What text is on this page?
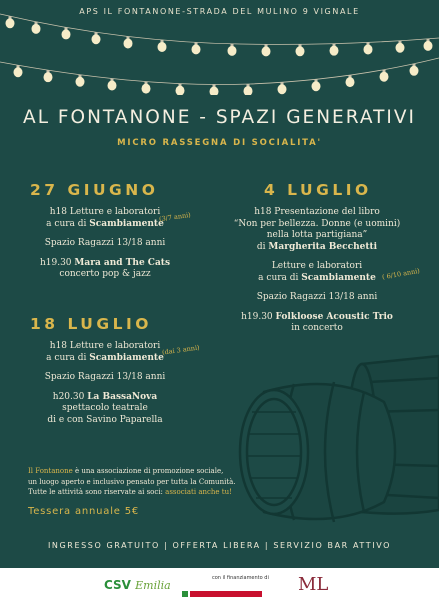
APS IL FONTANONE-STRADA DEL MULINO 9 VIGNALE
AL FONTANONE - SPAZI GENERATIVI
MICRO RASSEGNA DI SOCIALITA'
27 GIUGNO
h18 Letture e laboratori
a cura di Scambiamente
(3/7 anni)
Spazio Ragazzi 13/18 anni
h19.30 Mara and The Cats
concerto pop & jazz
4 LUGLIO
h18 Presentazione del libro
“Non per bellezza. Donne (e uomini)
nella lotta partigiana”
di Margherita Becchetti
Letture e laboratori
a cura di Scambiamente ( 6/10 anni)
Spazio Ragazzi 13/18 anni
h19.30 Folkloose Acoustic Trio
in concerto
18 LUGLIO
h18 Letture e laboratori
a cura di Scambiamente
(dai 3 anni)
Spazio Ragazzi 13/18 anni
h20.30 La BassaNova
spettacolo teatrale
di e con Savino Paparella
Il Fontanone è una associazione di promozione sociale,
un luogo aperto e inclusivo pensato per tutta la Comunità.
Tutte le attività sono riservate ai soci: associati anche tu!
Tessera annuale 5€
INGRESSO GRATUITO | OFFERTA LIBERA | SERVIZIO BAR ATTIVO
CSV Emilia
con il finanziamento di ML
